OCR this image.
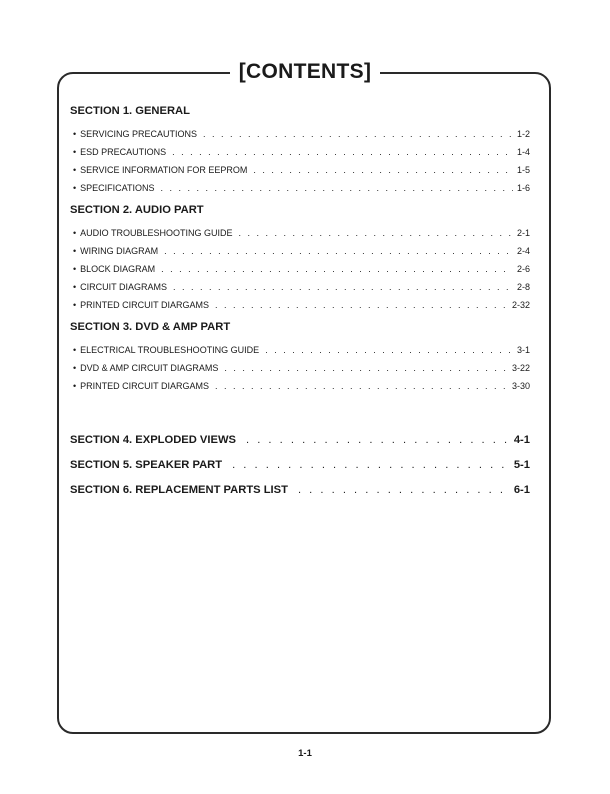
[CONTENTS]
SECTION 1. GENERAL
• SERVICING PRECAUTIONS . . .	1-2
• ESD PRECAUTIONS . . .	1-4
• SERVICE INFORMATION FOR EEPROM . . .	1-5
• SPECIFICATIONS . . .	1-6
SECTION 2. AUDIO PART
• AUDIO TROUBLESHOOTING GUIDE . . .	2-1
• WIRING DIAGRAM . . .	2-4
• BLOCK DIAGRAM . . .	2-6
• CIRCUIT DIAGRAMS . . .	2-8
• PRINTED CIRCUIT DIARGAMS . . .	2-32
SECTION 3. DVD & AMP PART
• ELECTRICAL TROUBLESHOOTING GUIDE . . .	3-1
• DVD & AMP CIRCUIT DIAGRAMS . . .	3-22
• PRINTED CIRCUIT DIARGAMS . . .	3-30
SECTION 4. EXPLODED VIEWS . . .	4-1
SECTION 5. SPEAKER PART . . .	5-1
SECTION 6. REPLACEMENT PARTS LIST . . .	6-1
1-1
